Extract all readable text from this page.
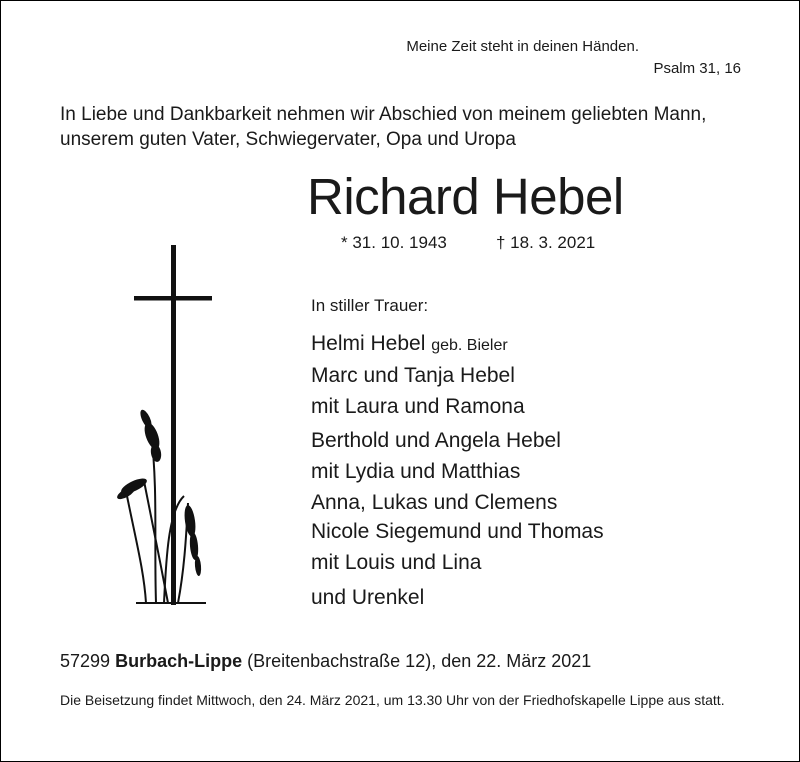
Meine Zeit steht in deinen Händen.
Psalm 31, 16
In Liebe und Dankbarkeit nehmen wir Abschied von meinem geliebten Mann,
unserem guten Vater, Schwiegervater, Opa und Uropa
Richard Hebel
* 31. 10. 1943	† 18. 3. 2021
In stiller Trauer:
Helmi Hebel geb. Bieler
Marc und Tanja Hebel
mit Laura und Ramona
Berthold und Angela Hebel
mit Lydia und Matthias
Anna, Lukas und Clemens
Nicole Siegemund und Thomas
mit Louis und Lina
und Urenkel
57299 Burbach-Lippe (Breitenbachstraße 12), den 22. März 2021
Die Beisetzung findet Mittwoch, den 24. März 2021, um 13.30 Uhr von der Friedhofskapelle Lippe aus statt.
